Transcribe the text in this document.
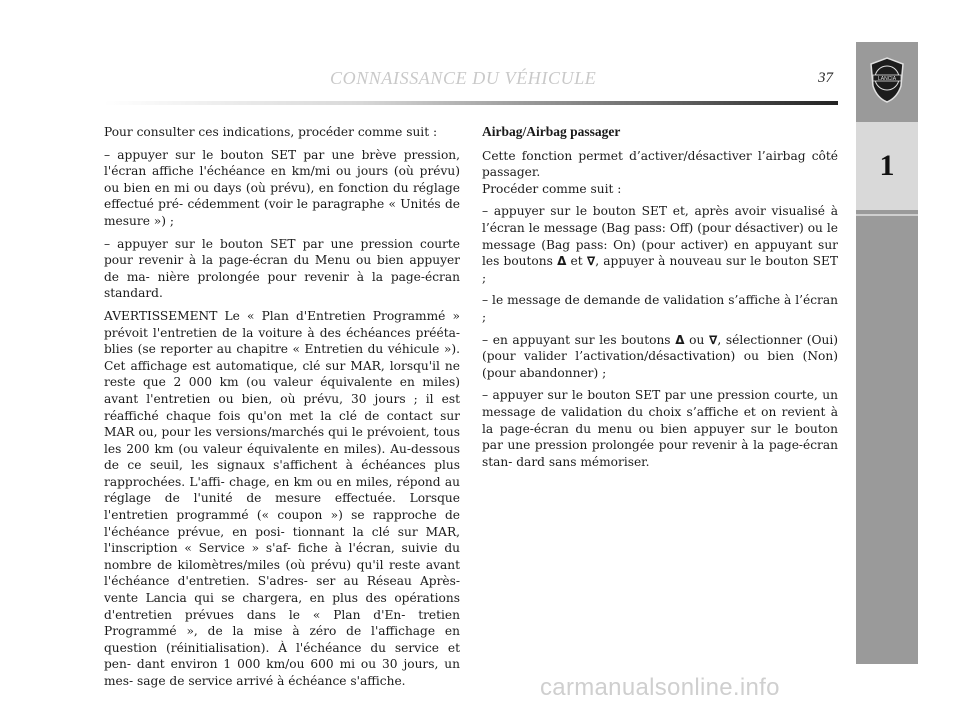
CONNAISSANCE DU VÉHICULE	37	LANCIA
1

Pour consulter ces indications, procéder comme suit :

– appuyer sur le bouton SET par une brève pression, l'écran affiche l'échéance en km/mi ou jours (où prévu) ou bien en mi ou days (où prévu), en fonction du réglage effectué pré- cédemment (voir le paragraphe « Unités de mesure ») ;

– appuyer sur le bouton SET par une pression courte pour revenir à la page-écran du Menu ou bien appuyer de ma- nière prolongée pour revenir à la page-écran standard.

AVERTISSEMENT Le « Plan d'Entretien Programmé » prévoit l'entretien de la voiture à des échéances prééta- blies (se reporter au chapitre « Entretien du véhicule »). Cet affichage est automatique, clé sur MAR, lorsqu'il ne reste que 2 000 km (ou valeur équivalente en miles) avant l'entretien ou bien, où prévu, 30 jours ; il est réaffiché chaque fois qu'on met la clé de contact sur MAR ou, pour les versions/marchés qui le prévoient, tous les 200 km (ou valeur équivalente en miles). Au-dessous de ce seuil, les signaux s'affichent à échéances plus rapprochées. L'affi- chage, en km ou en miles, répond au réglage de l'unité de mesure effectuée. Lorsque l'entretien programmé (« coupon ») se rapproche de l'échéance prévue, en posi- tionnant la clé sur MAR, l'inscription « Service » s'af- fiche à l'écran, suivie du nombre de kilomètres/miles (où prévu) qu'il reste avant l'échéance d'entretien. S'adres- ser au Réseau Après-vente Lancia qui se chargera, en plus des opérations d'entretien prévues dans le « Plan d'En- tretien Programmé », de la mise à zéro de l'affichage en question (réinitialisation). À l'échéance du service et pen- dant environ 1 000 km/ou 600 mi ou 30 jours, un mes- sage de service arrivé à échéance s'affiche.

Airbag/Airbag passager

Cette fonction permet d’activer/désactiver l’airbag côté passager.

Procéder comme suit :

– appuyer sur le bouton SET et, après avoir visualisé à l’écran le message (Bag pass: Off) (pour désactiver) ou le message (Bag pass: On) (pour activer) en appuyant sur les boutons Δ et ∇, appuyer à nouveau sur le bouton SET ;

– le message de demande de validation s’affiche à l’écran ;

– en appuyant sur les boutons Δ ou ∇, sélectionner (Oui) (pour valider l’activation/désactivation) ou bien (Non) (pour abandonner) ;

– appuyer sur le bouton SET par une pression courte, un message de validation du choix s’affiche et on revient à la page-écran du menu ou bien appuyer sur le bouton par une pression prolongée pour revenir à la page-écran stan- dard sans mémoriser.

carmanualsonline.info
